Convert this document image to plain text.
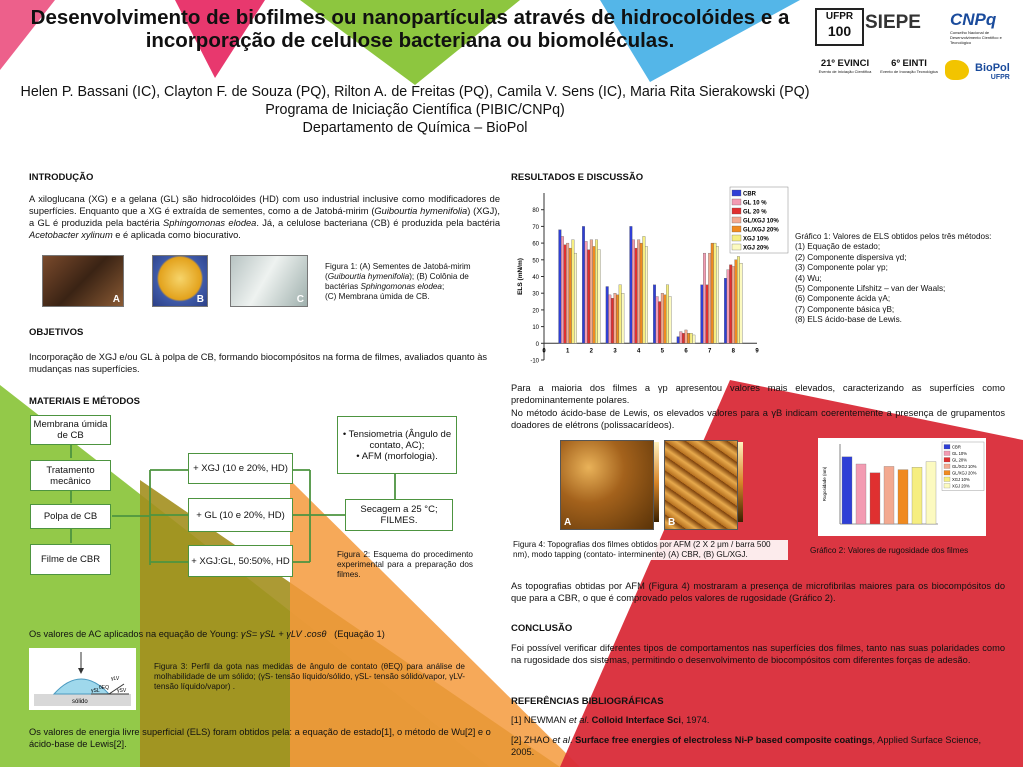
Desenvolvimento de biofilmes ou nanopartículas através de hidrocolóides e a incorporação de celulose bacteriana ou biomoléculas.
Helen P. Bassani (IC), Clayton F. de Souza (PQ), Rilton A. de Freitas (PQ), Camila V. Sens (IC), Maria Rita Sierakowski (PQ)
Programa de Iniciação Científica (PIBIC/CNPq)
Departamento de Química – BioPol
UFPR
100 SIEPE CNPq
Conselho Nacional de Desenvolvimento Científico e Tecnológico
21º EVINCI
Evento de Iniciação Científica
6º EINTI
Evento de Inovação Tecnológica	BioPol
UFPR
INTRODUÇÃO
A xiloglucana (XG) e a gelana (GL) são hidrocolóides (HD) com uso industrial inclusive como modificadores de superfícies. Enquanto que a XG é extraída de sementes, como a de Jatobá-mirim (Guibourtia hymenifolia) (XGJ), a GL é produzida pela bactéria Sphingomonas elodea. Já, a celulose bacteriana (CB) é produzida pela bactéria Acetobacter xylinum e é aplicada como biocurativo.
A	B	C
Figura 1: (A) Sementes de Jatobá-mirim (Guibourtia hymenifolia); (B) Colônia de bactérias Sphingomonas elodea;
(C) Membrana úmida de CB.
OBJETIVOS
Incorporação de XGJ e/ou GL à polpa de CB, formando biocompósitos na forma de filmes, avaliados quanto às mudanças nas superfícies.
MATERIAIS E MÉTODOS
Membrana úmida de CB
Tratamento mecânico
Polpa de CB
Filme de CBR
+ XGJ (10 e 20%, HD)
+ GL (10 e 20%, HD)
+ XGJ:GL, 50:50%, HD
Secagem a 25 °C; FILMES.
• Tensiometria (Ângulo de contato, AC);
• AFM (morfologia).
Figura 2: Esquema do procedimento experimental para a preparação dos filmes.
Os valores de AC aplicados na equação de Young: γS= γSL + γLV .cosθ (Equação 1)
sólido
γLV
γSV
γSL θEQ
Figura 3: Perfil da gota nas medidas de ângulo de contato (θEQ) para análise de molhabilidade de um sólido; (γS- tensão líquido/sólido, γSL- tensão sólido/vapor, γLV- tensão líquido/vapor) .
Os valores de energia livre superficial (ELS) foram obtidos pela: a equação de estado[1], o método de Wu[2] e o ácido-base de Lewis[2].
RESULTADOS E DISCUSSÃO
-10
0
10
20
30
40
50
60
70
80
0	1	2	3	4	5	6	7	8	9
ELS (mN/m)
CBR
GL 10 %
GL 20 %
GL/XGJ 10%
GL/XGJ 20%
XGJ 10%
XGJ 20%
Gráfico 1: Valores de ELS obtidos pelos três métodos:
(1) Equação de estado;
(2) Componente dispersiva γd;
(3) Componente polar γp;
(4) Wu;
(5) Componente Lifshitz – van der Waals;
(6) Componente ácida γA;
(7) Componente básica γB;
(8) ELS ácido-base de Lewis.
Para a maioria dos filmes a γp apresentou valores mais elevados, caracterizando as superfícies como predominantemente polares.
No método ácido-base de Lewis, os elevados valores para a γB indicam coerentemente a presença de grupamentos doadores de elétrons (polissacarídeos).
A	B
Figura 4: Topografias dos filmes obtidos por AFM (2 X 2 μm / barra 500 nm), modo tapping (contato- interminente) (A) CBR, (B) GL/XGJ.
Rugosidade (nm)
CBR
GL 10%
GL 20%
GL/XGJ 10%
GL/XGJ 20%
XGJ 10%
XGJ 20%
Gráfico 2: Valores de rugosidade dos filmes
As topografias obtidas por AFM (Figura 4) mostraram a presença de microfibrilas maiores para os biocompósitos do que para a CBR, o que é comprovado pelos valores de rugosidade (Gráfico 2).
CONCLUSÃO
Foi possível verificar diferentes tipos de comportamentos nas superfícies dos filmes, tanto nas suas polaridades como na rugosidade dos sistemas, permitindo o desenvolvimento de biocompósitos com diferentes forças de adesão.
REFERÊNCIAS BIBLIOGRÁFICAS
[1] NEWMAN et al. Colloid Interface Sci, 1974.
[2] ZHAO et al. Surface free energies of electroless Ni-P based composite coatings, Applied Surface Science, 2005.
